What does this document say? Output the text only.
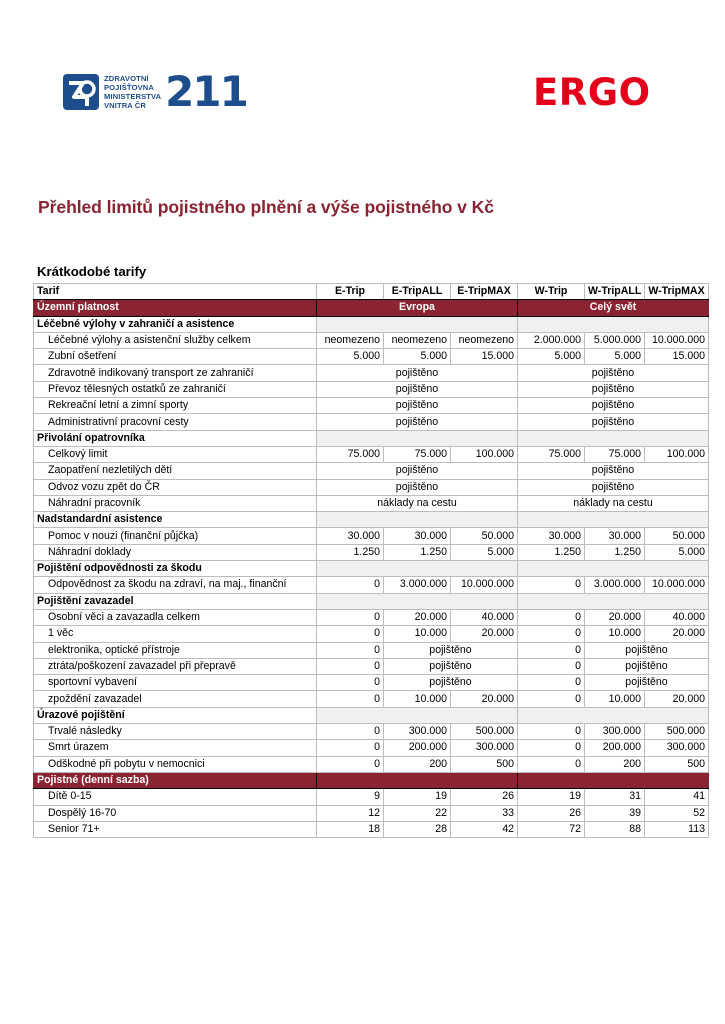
ZDRAVOTNÍ
POJIŠŤOVNA
MINISTERSTVA
VNITRA ČR 211	ERGO
Přehled limitů pojistného plnění a výše pojistného v Kč
Krátkodobé tarify
Tarif	E-Trip	E-TripALL	E-TripMAX	W-Trip	W-TripALL	W-TripMAX
Územní platnost	Evropa			Celý svět		
Léčebné výlohy v zahraničí a asistence						
Léčebné výlohy a asistenční služby celkem	neomezeno	neomezeno	neomezeno	2.000.000	5.000.000	10.000.000
Zubní ošetření	5.000	5.000	15.000	5.000	5.000	15.000
Zdravotně indikovaný transport ze zahraničí	pojištěno			pojištěno		
Převoz tělesných ostatků ze zahraničí	pojištěno			pojištěno		
Rekreační letní a zimní sporty	pojištěno			pojištěno		
Administrativní pracovní cesty	pojištěno			pojištěno		
Přivolání opatrovníka						
Celkový limit	75.000	75.000	100.000	75.000	75.000	100.000
Zaopatření nezletilých dětí	pojištěno			pojištěno		
Odvoz vozu zpět do ČR	pojištěno			pojištěno		
Náhradní pracovník	náklady na cestu			náklady na cestu		
Nadstandardní asistence						
Pomoc v nouzi (finanční půjčka)	30.000	30.000	50.000	30.000	30.000	50.000
Náhradní doklady	1.250	1.250	5.000	1.250	1.250	5.000
Pojištění odpovědnosti za škodu						
Odpovědnost za škodu na zdraví, na maj., finanční	0	3.000.000	10.000.000	0	3.000.000	10.000.000
Pojištění zavazadel						
Osobní věci a zavazadla celkem	0	20.000	40.000	0	20.000	40.000
1 věc	0	10.000	20.000	0	10.000	20.000
elektronika, optické přístroje	0	pojištěno		0	pojištěno	
ztráta/poškození zavazadel při přepravě	0	pojištěno		0	pojištěno	
sportovní vybavení	0	pojištěno		0	pojištěno	
zpoždění zavazadel	0	10.000	20.000	0	10.000	20.000
Úrazové pojištění						
Trvalé následky	0	300.000	500.000	0	300.000	500.000
Smrt úrazem	0	200.000	300.000	0	200.000	300.000
Odškodné při pobytu v nemocnici	0	200	500	0	200	500
Pojistné (denní sazba)						
Dítě 0-15	9	19	26	19	31	41
Dospělý 16-70	12	22	33	26	39	52
Senior 71+	18	28	42	72	88	113
